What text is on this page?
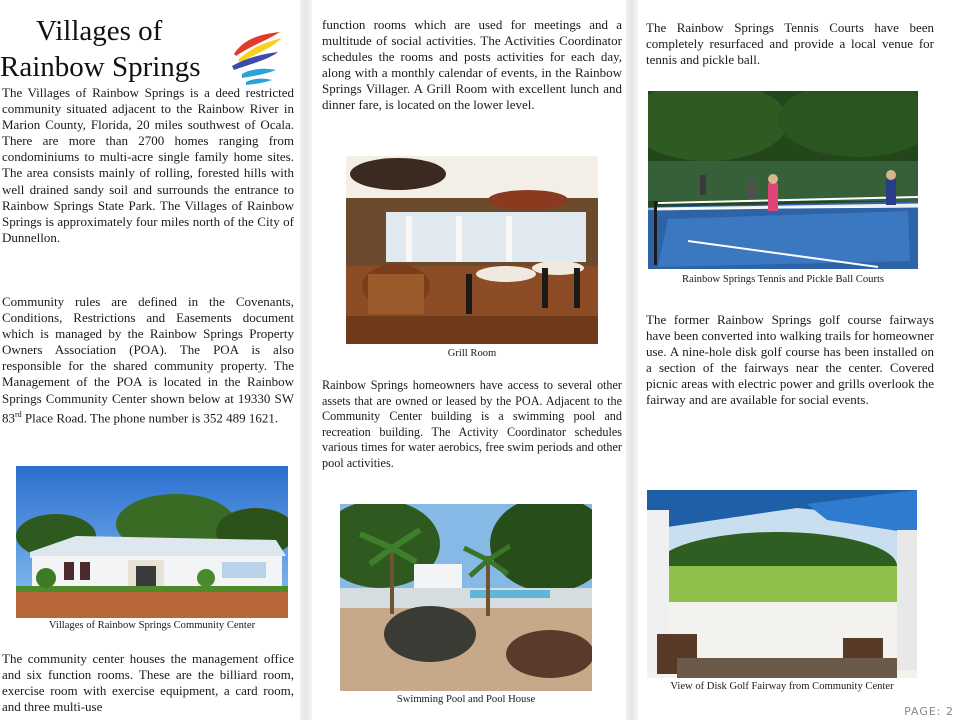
Villages of
Rainbow Springs

The Villages of Rainbow Springs is a deed restricted community situated adjacent to the Rainbow River in Marion County, Florida, 20 miles southwest of Ocala. There are more than 2700 homes ranging from condominiums to multi-acre single family home sites. The area consists mainly of rolling, forested hills with well drained sandy soil and surrounds the entrance to Rainbow Springs State Park. The Villages of Rainbow Springs is approximately four miles north of the City of Dunnellon.

Community rules are defined in the Covenants, Conditions, Restrictions and Easements document which is managed by the Rainbow Springs Property Owners Association (POA). The POA is also responsible for the shared community property. The Management of the POA is located in the Rainbow Springs Community Center shown below at 19330 SW 83rd Place Road. The phone number is 352 489 1621.

Villages of Rainbow Springs Community Center

The community center houses the management office and six function rooms. These are the billiard room, exercise room with exercise equipment, a card room, and three multi-use

function rooms which are used for meetings and a multitude of social activities. The Activities Coordinator schedules the rooms and posts activities for each day, along with a monthly calendar of events, in the Rainbow Springs Villager. A Grill Room with excellent lunch and dinner fare, is located on the lower level.

Grill Room

Rainbow Springs homeowners have access to several other assets that are owned or leased by the POA. Adjacent to the Community Center building is a swimming pool and recreation building. The Activity Coordinator schedules various times for water aerobics, free swim periods and other pool activities.

Swimming Pool and Pool House

The Rainbow Springs Tennis Courts have been completely resurfaced and provide a local venue for tennis and pickle ball.

Rainbow Springs Tennis and Pickle Ball Courts

The former Rainbow Springs golf course fairways have been converted into walking trails for homeowner use. A nine-hole disk golf course has been installed on a section of the fairways near the center. Covered picnic areas with electric power and grills overlook the fairway and are available for social events.

View of Disk Golf Fairway from Community Center
PAGE: 2
